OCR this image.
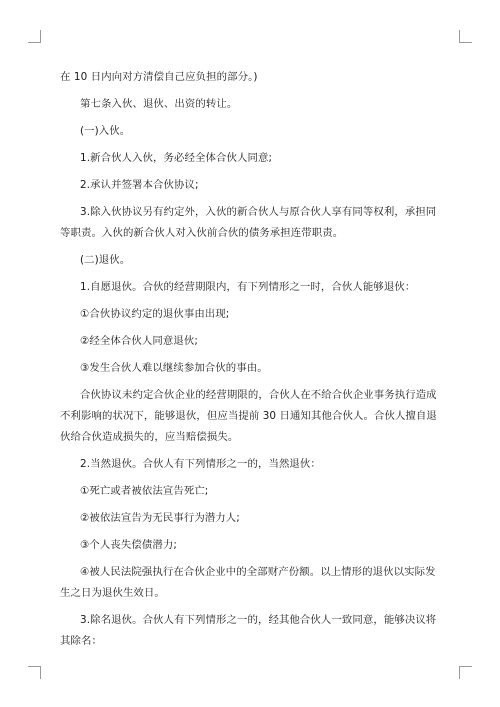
在 10 日内向对方清偿自己应负担的部分。)

第七条入伙、退伙、出资的转让。

(一)入伙。

1.新合伙人入伙，务必经全体合伙人同意;

2.承认并签署本合伙协议;

3.除入伙协议另有约定外，入伙的新合伙人与原合伙人享有同等权利，承担同等职责。入伙的新合伙人对入伙前合伙的债务承担连带职责。

(二)退伙。

1.自愿退伙。合伙的经营期限内，有下列情形之一时，合伙人能够退伙：

①合伙协议约定的退伙事由出现;

②经全体合伙人同意退伙;

③发生合伙人难以继续参加合伙的事由。

合伙协议未约定合伙企业的经营期限的，合伙人在不给合伙企业事务执行造成不利影响的状况下，能够退伙，但应当提前 30 日通知其他合伙人。合伙人擅自退伙给合伙造成损失的，应当赔偿损失。

2.当然退伙。合伙人有下列情形之一的，当然退伙：

①死亡或者被依法宣告死亡;

②被依法宣告为无民事行为潜力人;

③个人丧失偿债潜力;

④被人民法院强执行在合伙企业中的全部财产份额。以上情形的退伙以实际发生之日为退伙生效日。

3.除名退伙。合伙人有下列情形之一的，经其他合伙人一致同意，能够决议将其除名：
